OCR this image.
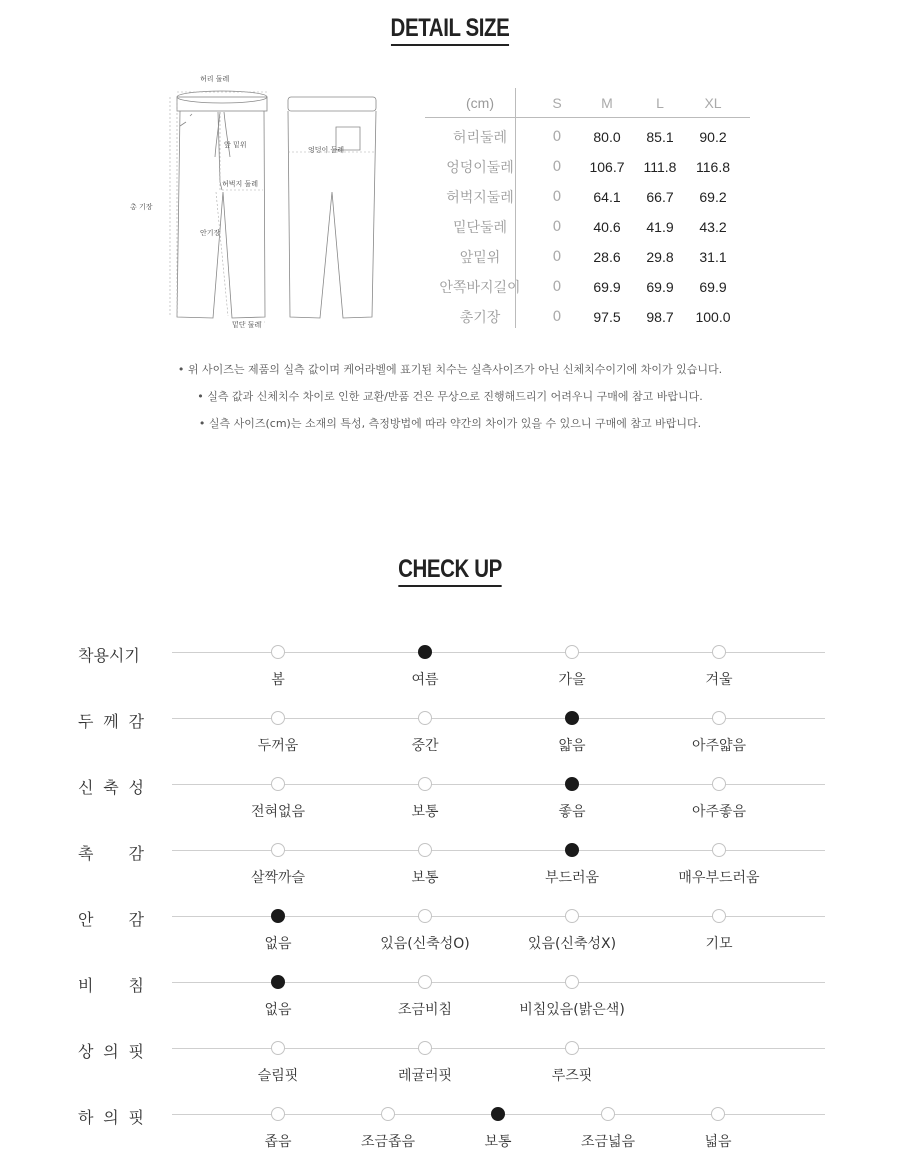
DETAIL SIZE
허리 둘레
앞 밑위
허벅지 둘레
총 기장
안기장
밑단 둘레
엉덩이 둘레
(cm)	S	M	L	XL
허리둘레	0	80.0	85.1	90.2
엉덩이둘레	0	106.7	111.8	116.8
허벅지둘레	0	64.1	66.7	69.2
밑단둘레	0	40.6	41.9	43.2
앞밑위	0	28.6	29.8	31.1
안쪽바지길이	0	69.9	69.9	69.9
총기장	0	97.5	98.7	100.0
• 위 사이즈는 제품의 실측 값이며 케어라벨에 표기된 치수는 실측사이즈가 아닌 신체치수이기에 차이가 있습니다.
• 실측 값과 신체치수 차이로 인한 교환/반품 건은 무상으로 진행해드리기 어려우니 구매에 참고 바랍니다.
• 실측 사이즈(cm)는 소재의 특성, 측정방법에 따라 약간의 차이가 있을 수 있으니 구매에 참고 바랍니다.
CHECK UP
착용시기
봄	여름	가을	겨울
두 께 감
두꺼움	중간	얇음	아주얇음
신 축 성
전혀없음	보통	좋음	아주좋음
촉 감
살짝까슬	보통	부드러움	매우부드러움
안 감
없음	있음(신축성O)	있음(신축성X)	기모
비 침
없음	조금비침	비침있음(밝은색)
상 의 핏
슬림핏	레귤러핏	루즈핏
하 의 핏
좁음	조금좁음	보통	조금넓음	넓음
